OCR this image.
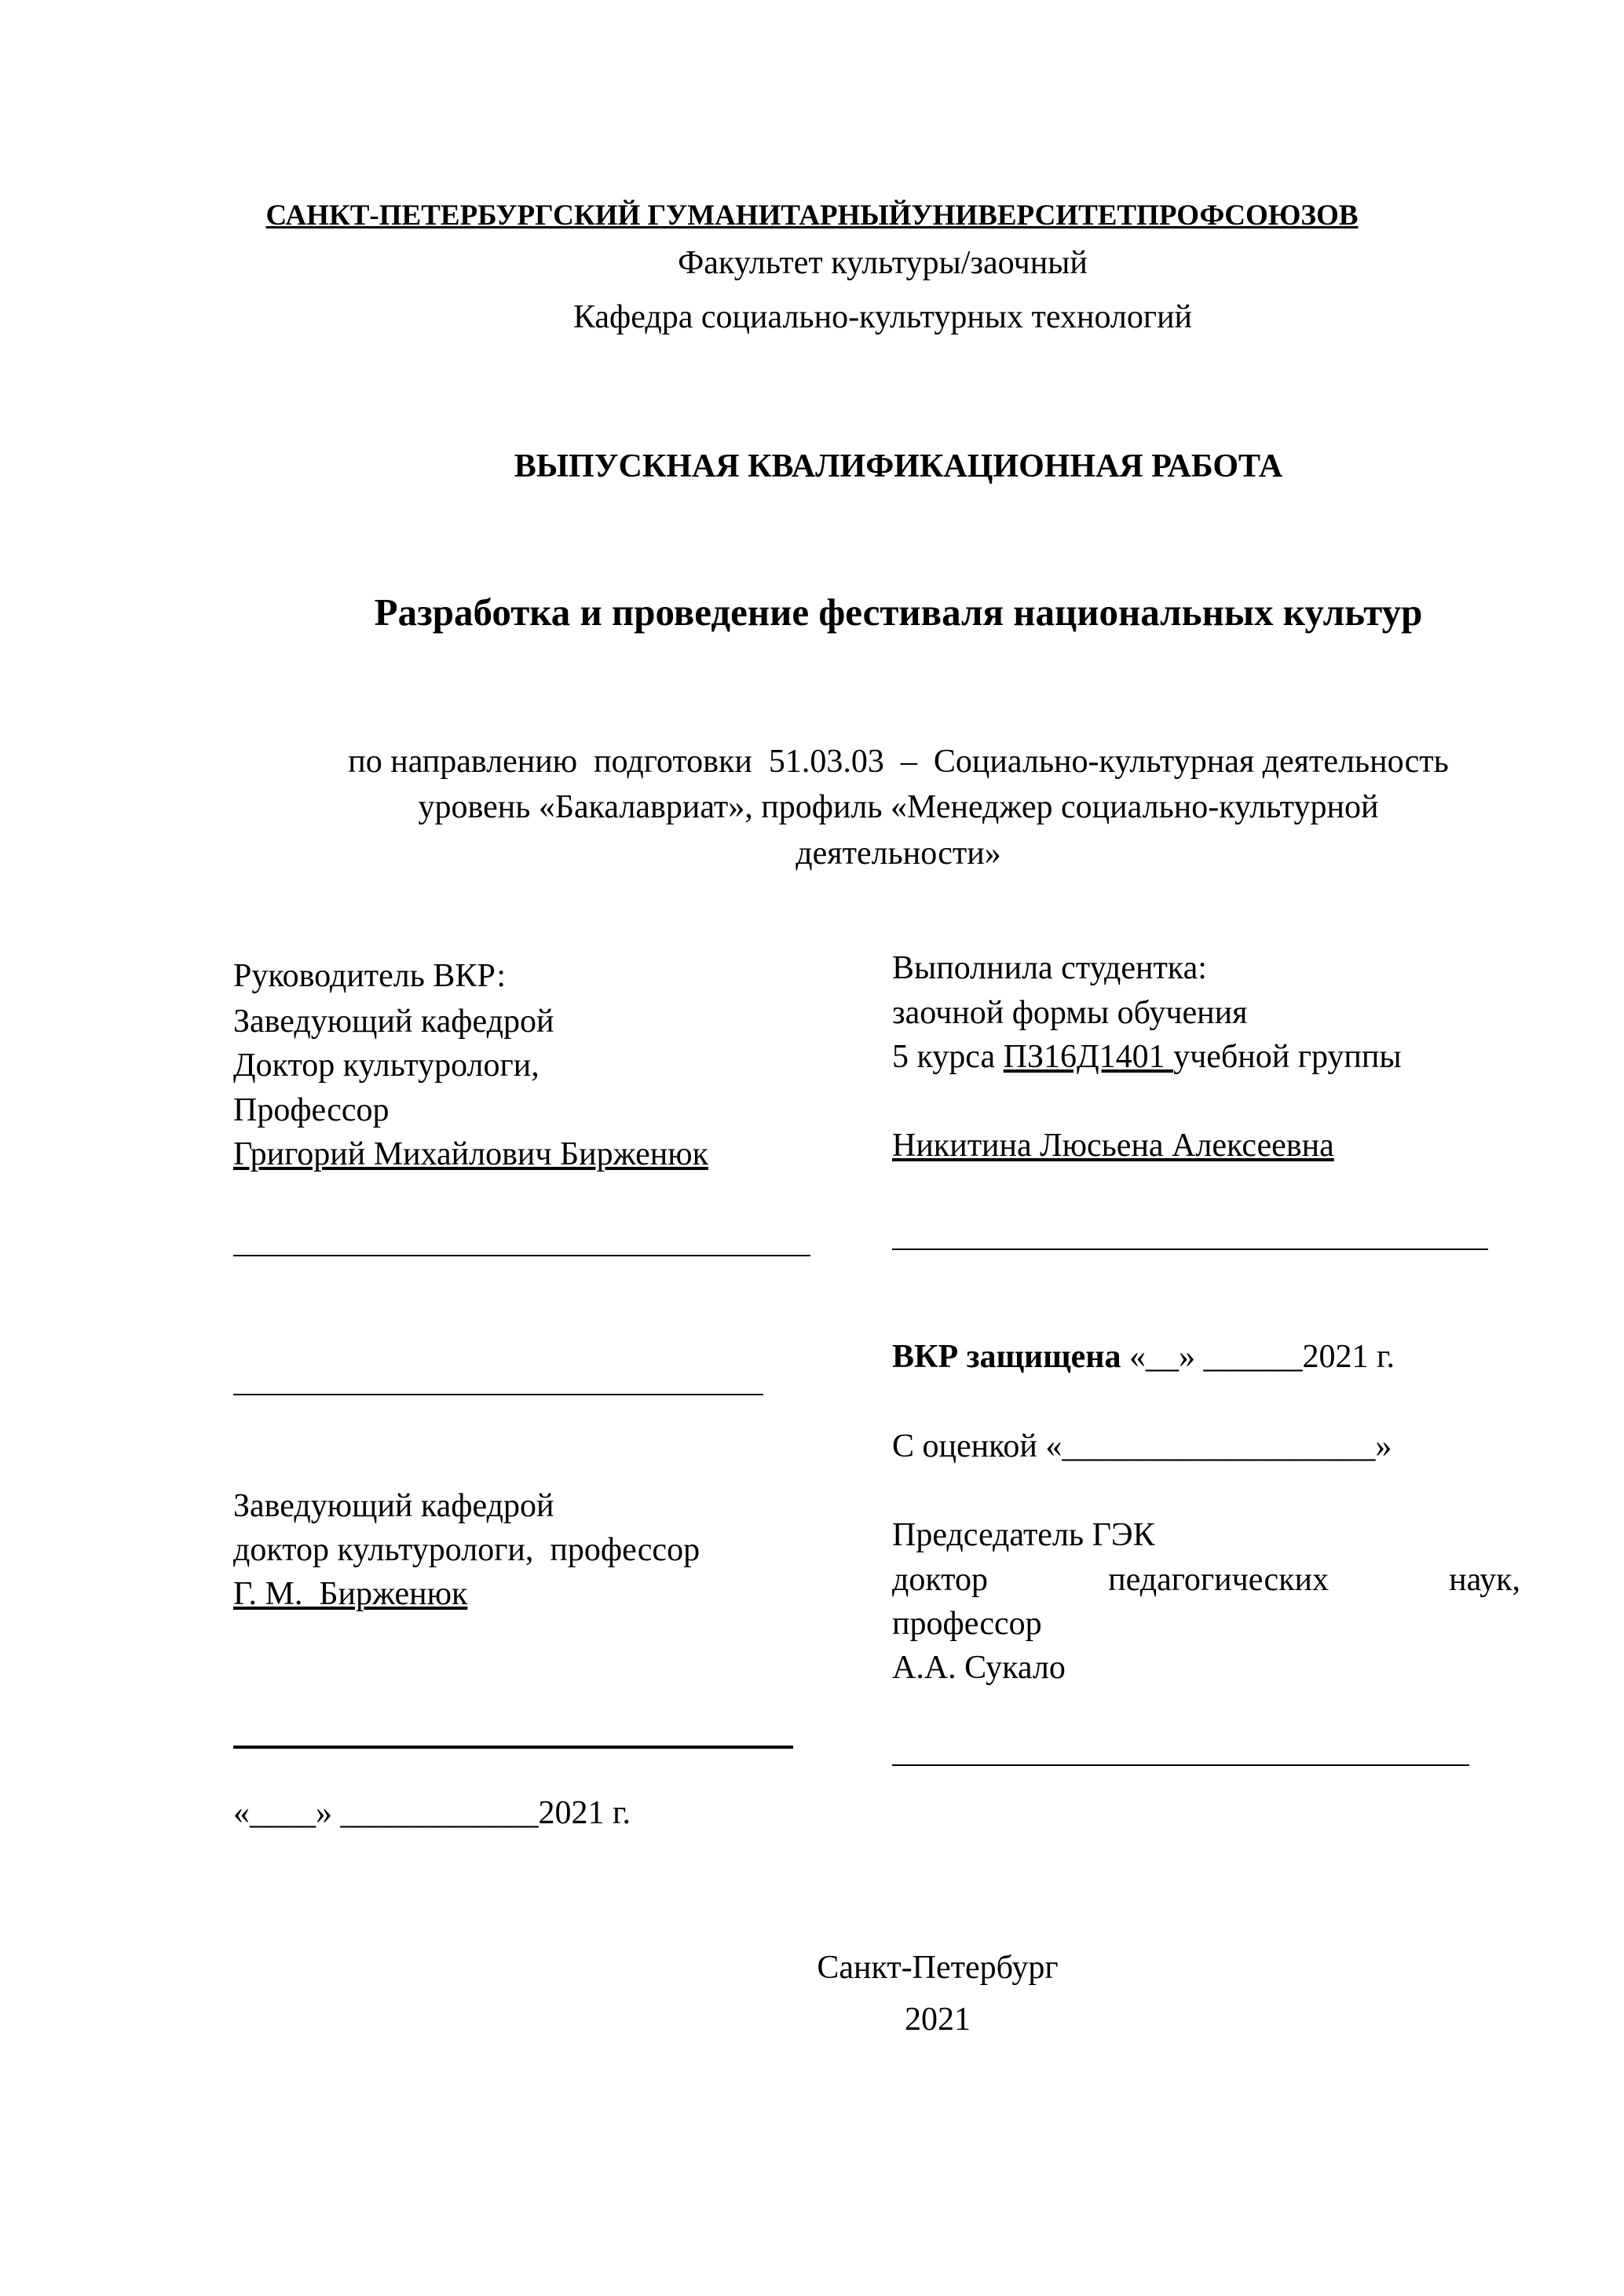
САНКТ-ПЕТЕРБУРГСКИЙ ГУМАНИТАРНЫЙУНИВЕРСИТЕТПРОФСОЮЗОВ
Факультет культуры/заочный
Кафедра социально-культурных технологий
ВЫПУСКНАЯ КВАЛИФИКАЦИОННАЯ РАБОТА
Разработка и проведение фестиваля национальных культур
по направлению  подготовки  51.03.03  –  Социально-культурная деятельность
уровень «Бакалавриат», профиль «Менеджер социально-культурной
деятельности»
Руководитель ВКР:
Заведующий кафедрой
Доктор культурологи,
Профессор
Григорий Михайлович Бирженюк
Заведующий кафедрой
доктор культурологи,  профессор
Г. М.  Бирженюк
«____» ____________2021 г.
Выполнила студентка:
заочной формы обучения
5 курса ПЗ16Д1401 учебной группы
Никитина Люсьена Алексеевна
ВКР защищена «__» ______2021 г.
С оценкой «___________________»
Председатель ГЭК
доктор	педагогических	наук,
профессор
А.А. Сукало
Санкт-Петербург
2021
